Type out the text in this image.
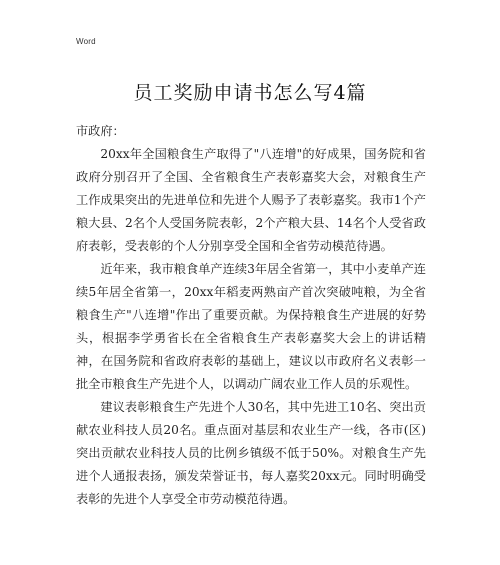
Word
员工奖励申请书怎么写4篇

市政府：

20xx年全国粮食生产取得了"八连增"的好成果，国务院和省政府分别召开了全国、全省粮食生产表彰嘉奖大会，对粮食生产工作成果突出的先进单位和先进个人赐予了表彰嘉奖。我市1个产粮大县、2名个人受国务院表彰，2个产粮大县、14名个人受省政府表彰，受表彰的个人分别享受全国和全省劳动模范待遇。

近年来，我市粮食单产连续3年居全省第一，其中小麦单产连续5年居全省第一，20xx年稻麦两熟亩产首次突破吨粮，为全省粮食生产"八连增"作出了重要贡献。为保持粮食生产进展的好势头，根据李学勇省长在全省粮食生产表彰嘉奖大会上的讲话精神，在国务院和省政府表彰的基础上，建议以市政府名义表彰一批全市粮食生产先进个人，以调动广阔农业工作人员的乐观性。

建议表彰粮食生产先进个人30名，其中先进工10名、突出贡献农业科技人员20名。重点面对基层和农业生产一线，各市(区)突出贡献农业科技人员的比例乡镇级不低于50%。对粮食生产先进个人通报表扬，颁发荣誉证书，每人嘉奖20xx元。同时明确受表彰的先进个人享受全市劳动模范待遇。
